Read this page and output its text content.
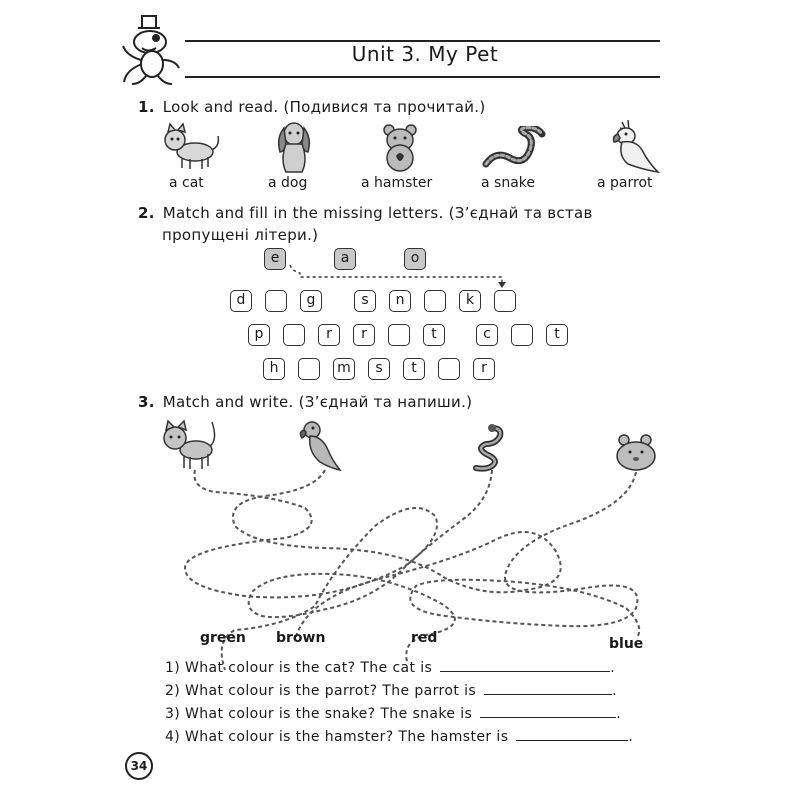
Unit 3. My Pet
1. Look and read. (Подивися та прочитай.)
a cat	a dog	a hamster	a snake	a parrot
2. Match and fill in the missing letters. (З’єднай та встав
пропущені літери.)
e	a	o
d	g	s	n	k
p	r	r	t	c	t
h	m	s	t	r
3. Match and write. (З’єднай та напиши.)
green brown	red	blue
1) What colour is the cat? The cat is	.
2) What colour is the parrot? The parrot is	.
3) What colour is the snake? The snake is	.
4) What colour is the hamster? The hamster is	.
34
